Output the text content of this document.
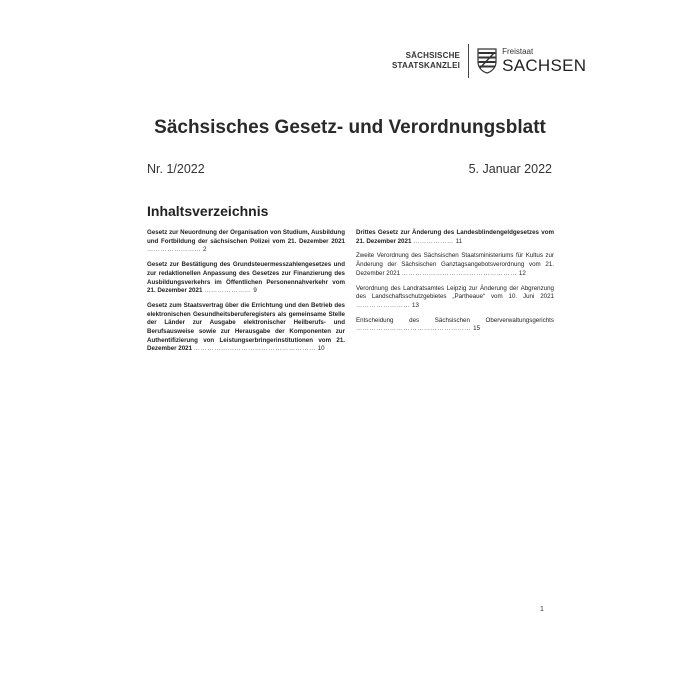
SÄCHSISCHE
STAATSKANZLEI
Freistaat
SACHSEN
Sächsisches Gesetz- und Verordnungsblatt
Nr. 1/2022	5. Januar 2022
Inhaltsverzeichnis
Gesetz zur Neuordnung der Organisation von Studium, Ausbildung und Fortbildung der sächsischen Polizei vom 21. Dezember 2021 …………………… 2
Gesetz zur Bestätigung des Grundsteuermesszahlengesetzes und zur redaktionellen Anpassung des Gesetzes zur Finanzierung des Ausbildungsverkehrs im Öffentlichen Personennahverkehr vom 21. Dezember 2021 ………………… 9
Gesetz zum Staatsvertrag über die Errichtung und den Betrieb des elektronischen Gesundheitsberuferegisters als gemeinsame Stelle der Länder zur Ausgabe elektronischer Heilberufs- und Berufsausweise sowie zur Herausgabe der Komponenten zur Authentifizierung von Leistungserbringerinstitutionen vom 21. Dezember 2021 ……………………………………………… 10
Drittes Gesetz zur Änderung des Landesblindengeldgesetzes vom 21. Dezember 2021 ……………… 11
Zweite Verordnung des Sächsischen Staatsministeriums für Kultus zur Änderung der Sächsischen Ganztagsangebotsverordnung vom 21. Dezember 2021 …………………………………………… 12
Verordnung des Landratsamtes Leipzig zur Änderung der Abgrenzung des Landschaftsschutzgebietes „Partheaue“ vom 10. Juni 2021 …………………… 13
Entscheidung des Sächsischen Oberverwaltungsgerichts …………………………………………… 15
1
